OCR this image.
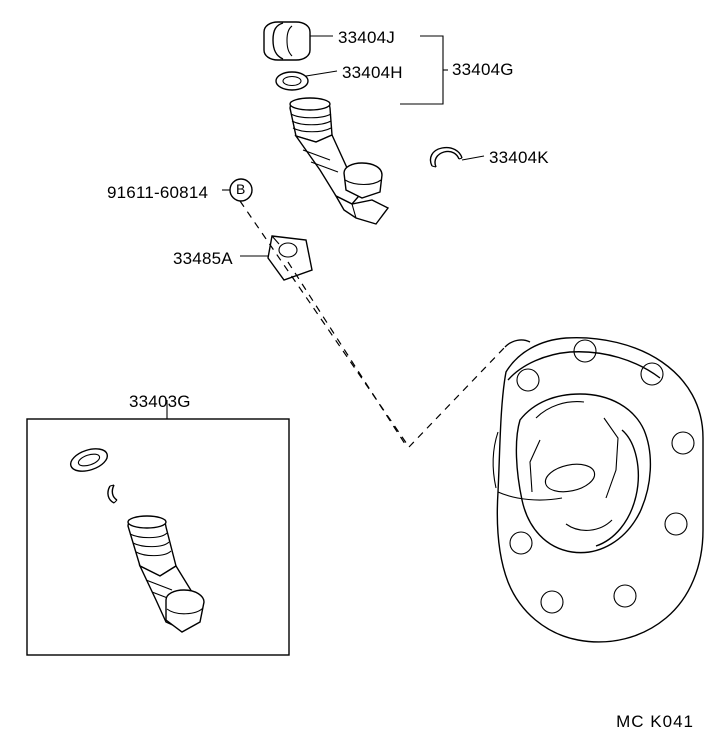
33404J
33404H	33404G
33404K
91611-60814 B
33485A
33403G
MC K041
